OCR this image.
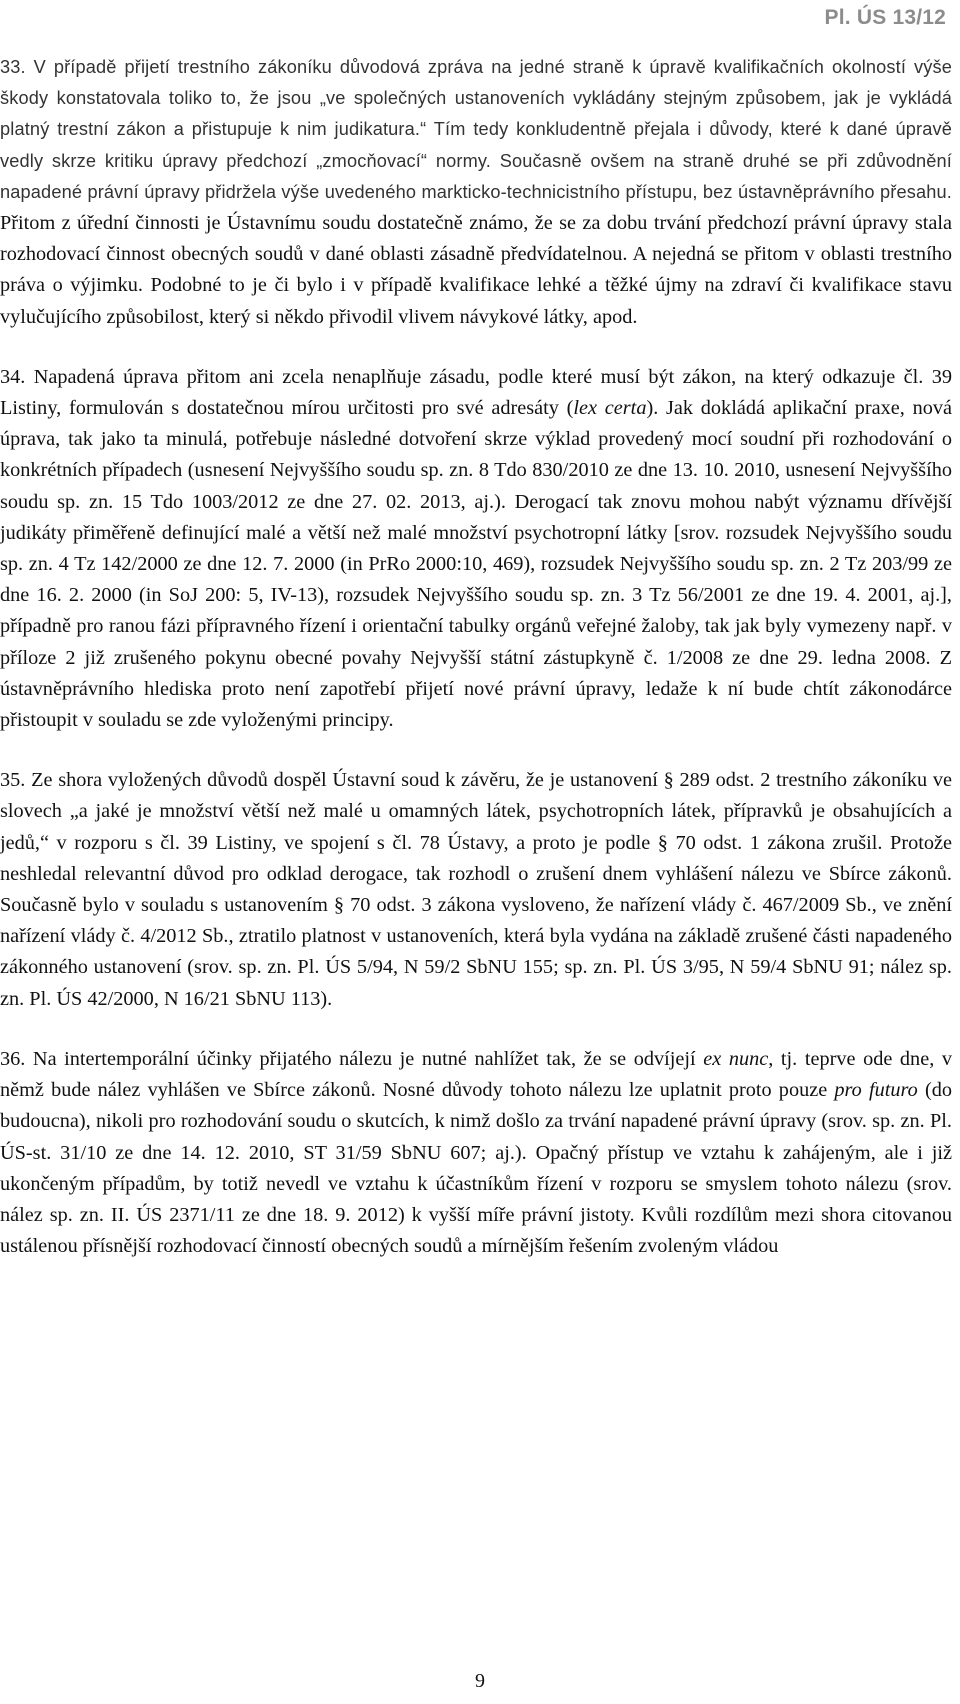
Pl. ÚS 13/12

33. V případě přijetí trestního zákoníku důvodová zpráva na jedné straně k úpravě kvalifikačních okolností výše škody konstatovala toliko to, že jsou „ve společných ustanoveních vykládány stejným způsobem, jak je vykládá platný trestní zákon a přistupuje k nim judikatura.“ Tím tedy konkludentně přejala i důvody, které k dané úpravě vedly skrze kritiku úpravy předchozí „zmocňovací“ normy. Současně ovšem na straně druhé se při zdůvodnění napadené právní úpravy přidržela výše uvedeného markticko-technicistního přístupu, bez ústavněprávního přesahu. Přitom z úřední činnosti je Ústavnímu soudu dostatečně známo, že se za dobu trvání předchozí právní úpravy stala rozhodovací činnost obecných soudů v dané oblasti zásadně předvídatelnou. A nejedná se přitom v oblasti trestního práva o výjimku. Podobné to je či bylo i v případě kvalifikace lehké a těžké újmy na zdraví či kvalifikace stavu vylučujícího způsobilost, který si někdo přivodil vlivem návykové látky, apod.

34. Napadená úprava přitom ani zcela nenaplňuje zásadu, podle které musí být zákon, na který odkazuje čl. 39 Listiny, formulován s dostatečnou mírou určitosti pro své adresáty (lex certa). Jak dokládá aplikační praxe, nová úprava, tak jako ta minulá, potřebuje následné dotvoření skrze výklad provedený mocí soudní při rozhodování o konkrétních případech (usnesení Nejvyššího soudu sp. zn. 8 Tdo 830/2010 ze dne 13. 10. 2010, usnesení Nejvyššího soudu sp. zn. 15 Tdo 1003/2012 ze dne 27. 02. 2013, aj.). Derogací tak znovu mohou nabýt významu dřívější judikáty přiměřeně definující malé a větší než malé množství psychotropní látky [srov. rozsudek Nejvyššího soudu sp. zn. 4 Tz 142/2000 ze dne 12. 7. 2000 (in PrRo 2000:10, 469), rozsudek Nejvyššího soudu sp. zn. 2 Tz 203/99 ze dne 16. 2. 2000 (in SoJ 200: 5, IV-13), rozsudek Nejvyššího soudu sp. zn. 3 Tz 56/2001 ze dne 19. 4. 2001, aj.], případně pro ranou fázi přípravného řízení i orientační tabulky orgánů veřejné žaloby, tak jak byly vymezeny např. v příloze 2 již zrušeného pokynu obecné povahy Nejvyšší státní zástupkyně č. 1/2008 ze dne 29. ledna 2008. Z ústavněprávního hlediska proto není zapotřebí přijetí nové právní úpravy, ledaže k ní bude chtít zákonodárce přistoupit v souladu se zde vyloženými principy.

35. Ze shora vyložených důvodů dospěl Ústavní soud k závěru, že je ustanovení § 289 odst. 2 trestního zákoníku ve slovech „a jaké je množství větší než malé u omamných látek, psychotropních látek, přípravků je obsahujících a jedů,“ v rozporu s čl. 39 Listiny, ve spojení s čl. 78 Ústavy, a proto je podle § 70 odst. 1 zákona zrušil. Protože neshledal relevantní důvod pro odklad derogace, tak rozhodl o zrušení dnem vyhlášení nálezu ve Sbírce zákonů. Současně bylo v souladu s ustanovením § 70 odst. 3 zákona vysloveno, že nařízení vlády č. 467/2009 Sb., ve znění nařízení vlády č. 4/2012 Sb., ztratilo platnost v ustanoveních, která byla vydána na základě zrušené části napadeného zákonného ustanovení (srov. sp. zn. Pl. ÚS 5/94, N 59/2 SbNU 155; sp. zn. Pl. ÚS 3/95, N 59/4 SbNU 91; nález sp. zn. Pl. ÚS 42/2000, N 16/21 SbNU 113).

36. Na intertemporální účinky přijatého nálezu je nutné nahlížet tak, že se odvíjejí ex nunc, tj. teprve ode dne, v němž bude nález vyhlášen ve Sbírce zákonů. Nosné důvody tohoto nálezu lze uplatnit proto pouze pro futuro (do budoucna), nikoli pro rozhodování soudu o skutcích, k nimž došlo za trvání napadené právní úpravy (srov. sp. zn. Pl. ÚS-st. 31/10 ze dne 14. 12. 2010, ST 31/59 SbNU 607; aj.). Opačný přístup ve vztahu k zahájeným, ale i již ukončeným případům, by totiž nevedl ve vztahu k účastníkům řízení v rozporu se smyslem tohoto nálezu (srov. nález sp. zn. II. ÚS 2371/11 ze dne 18. 9. 2012) k vyšší míře právní jistoty. Kvůli rozdílům mezi shora citovanou ustálenou přísnější rozhodovací činností obecných soudů a mírnějším řešením zvoleným vládou

9
